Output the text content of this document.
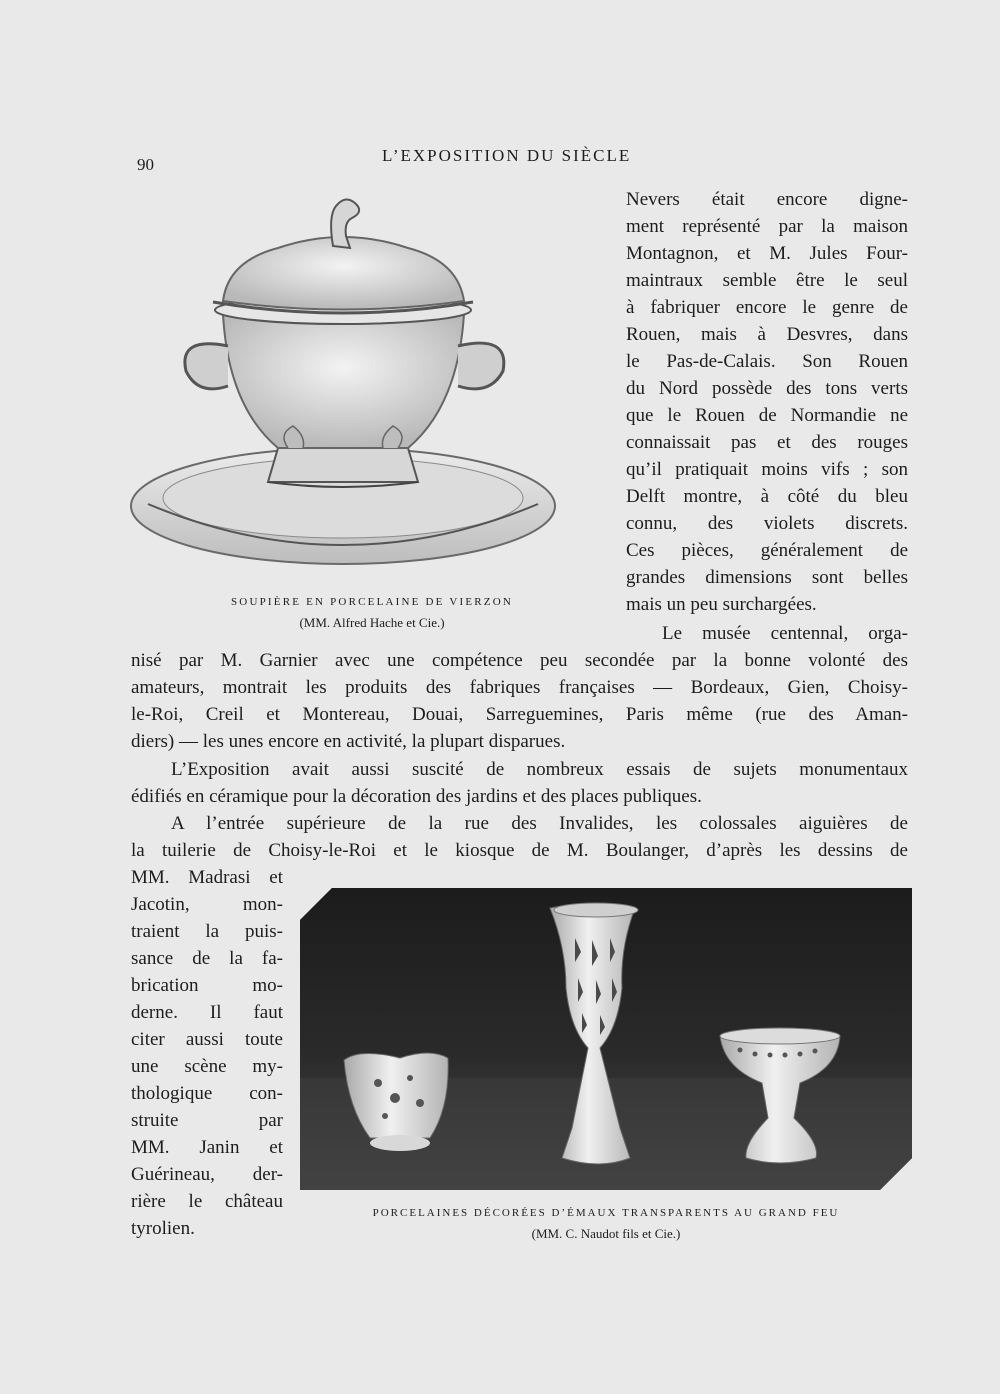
90	L’EXPOSITION DU SIÈCLE
SOUPIÈRE EN PORCELAINE DE VIERZON
(MM. Alfred Hache et Cie.)
Nevers était encore digne-
ment représenté par la maison
Montagnon, et M. Jules Four-
maintraux semble être le seul
à fabriquer encore le genre de
Rouen, mais à Desvres, dans
le Pas-de-Calais. Son Rouen
du Nord possède des tons verts
que le Rouen de Normandie ne
connaissait pas et des rouges
qu’il pratiquait moins vifs ; son
Delft montre, à côté du bleu
connu, des violets discrets.
Ces pièces, généralement de
grandes dimensions sont belles
mais un peu surchargées.
Le musée centennal, orga-
nisé par M. Garnier avec une compétence peu secondée par la bonne volonté des
amateurs, montrait les produits des fabriques françaises — Bordeaux, Gien, Choisy-
le-Roi, Creil et Montereau, Douai, Sarreguemines, Paris même (rue des Aman-
diers) — les unes encore en activité, la plupart disparues.
L’Exposition avait aussi suscité de nombreux essais de sujets monumentaux
édifiés en céramique pour la décoration des jardins et des places publiques.
A l’entrée supérieure de la rue des Invalides, les colossales aiguières de
la tuilerie de Choisy-le-Roi et le kiosque de M. Boulanger, d’après les dessins de
MM. Madrasi et
Jacotin, mon-
traient la puis-
sance de la fa-
brication mo-
derne. Il faut
citer aussi toute
une scène my-
thologique con-
struite par
MM. Janin et
Guérineau, der-
rière le château
tyrolien.
PORCELAINES DÉCORÉES D’ÉMAUX TRANSPARENTS AU GRAND FEU
(MM. C. Naudot fils et Cie.)
